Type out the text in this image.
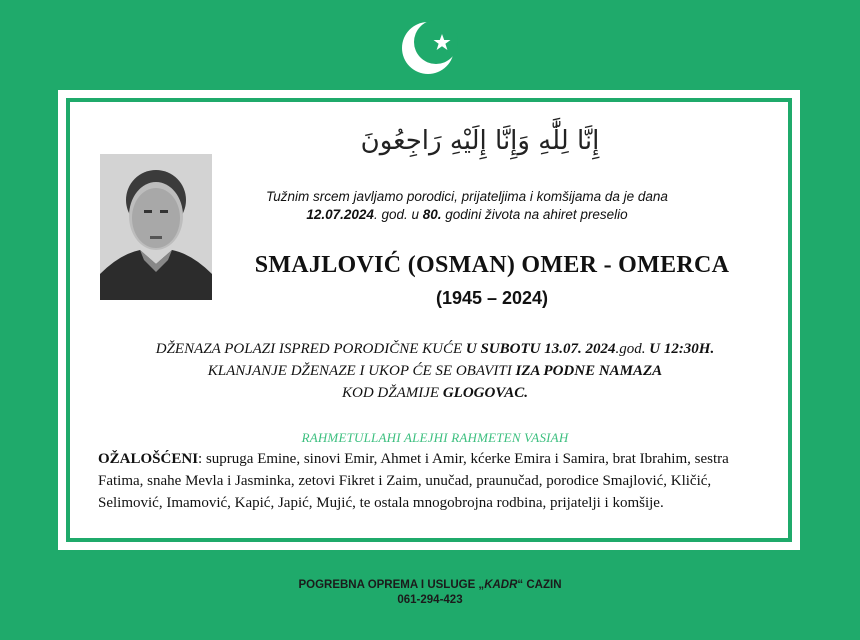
إِنَّا لِلَّٰهِ وَإِنَّا إِلَيْهِ رَاجِعُونَ
Tužnim srcem javljamo porodici, prijateljima i komšijama da je dana
12.07.2024. god. u 80. godini života na ahiret preselio
SMAJLOVIĆ (OSMAN) OMER - OMERCA
(1945 – 2024)
DŽENAZA POLAZI ISPRED PORODIČNE KUĆE U SUBOTU 13.07. 2024.god. U 12:30H.
KLANJANJE DŽENAZE I UKOP ĆE SE OBAVITI IZA PODNE NAMAZA
KOD DŽAMIJE GLOGOVAC.
RAHMETULLAHI ALEJHI RAHMETEN VASIAH
OŽALOŠĆENI: supruga Emine, sinovi Emir, Ahmet i Amir, kćerke Emira i Samira, brat Ibrahim, sestra Fatima, snahe Mevla i Jasminka, zetovi Fikret i Zaim, unučad, praunučad, porodice Smajlović, Kličić, Selimović, Imamović, Kapić, Japić, Mujić, te ostala mnogobrojna rodbina, prijatelji i komšije.
POGREBNA OPREMA I USLUGE „KADR“ CAZIN
061-294-423
